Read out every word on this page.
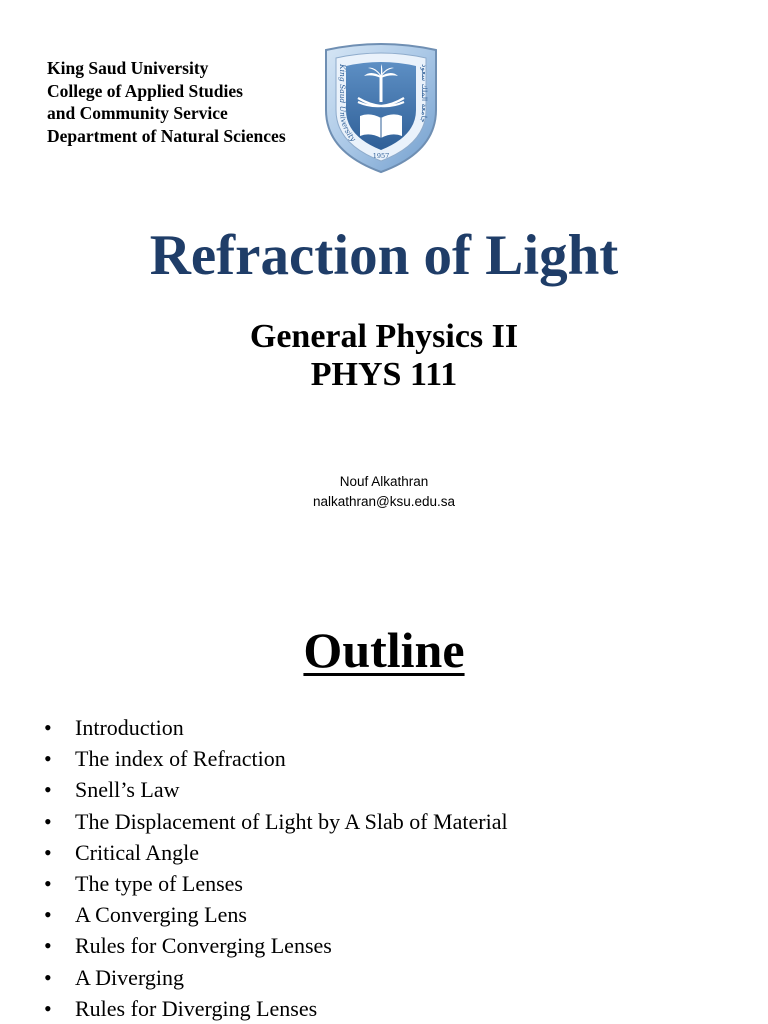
King Saud University
College of Applied Studies
and Community Service
Department of Natural Sciences
King Saud University
جامعة الملك سعود
1957
Refraction of Light
General Physics II
PHYS 111
Nouf Alkathran
nalkathran@ksu.edu.sa
Outline
• Introduction
• The index of Refraction
• Snell’s Law
• The Displacement of Light by A Slab of Material
• Critical Angle
• The type of Lenses
• A Converging Lens
• Rules for Converging Lenses
• A Diverging
• Rules for Diverging Lenses
